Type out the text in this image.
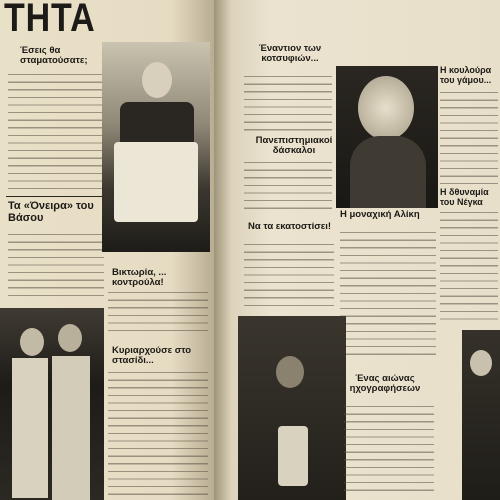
ΤΗΤΑ
Έσεις θα σταματούσατε;
Τα «Όνειρα» του Βάσου
Βικτωρία, ... κοντρούλα!
Κυριαρχούσε στο στασίδι...
Έναντιον των κοτσυφιών...
Πανεπιστημιακοί δάσκαλοι
Η μοναχική Αλίκη
Να τα εκατοστίσει!
Ένας αιώνας ηχογραφήσεων
Η κουλούρα του γάμου...
Η δθυναμία του Νέγκα
